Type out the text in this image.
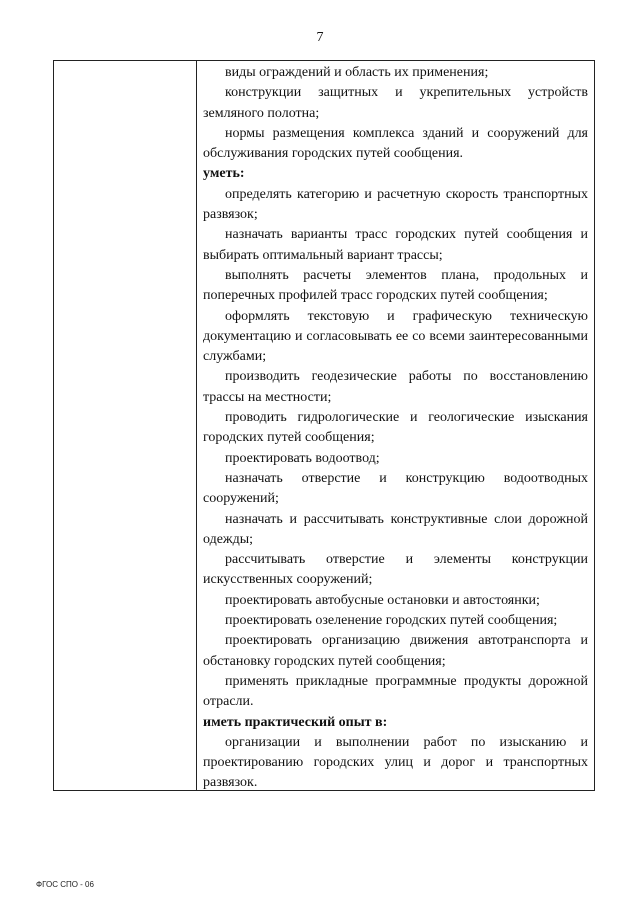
7

виды ограждений и область их применения;

конструкции защитных и укрепительных устройств земляного полотна;

нормы размещения комплекса зданий и сооружений для обслуживания городских путей сообщения.

уметь:

определять категорию и расчетную скорость транспортных развязок;

назначать варианты трасс городских путей сообщения и выбирать оптимальный вариант трассы;

выполнять расчеты элементов плана, продольных и поперечных профилей трасс городских путей сообщения;

оформлять текстовую и графическую техническую документацию и согласовывать ее со всеми заинтересованными службами;

производить геодезические работы по восстановлению трассы на местности;

проводить гидрологические и геологические изыскания городских путей сообщения;

проектировать водоотвод;

назначать отверстие и конструкцию водоотводных сооружений;

назначать и рассчитывать конструктивные слои дорожной одежды;

рассчитывать отверстие и элементы конструкции искусственных сооружений;

проектировать автобусные остановки и автостоянки;

проектировать озеленение городских путей сообщения;

проектировать организацию движения автотранспорта и обстановку городских путей сообщения;

применять прикладные программные продукты дорожной отрасли.

иметь практический опыт в:

организации и выполнении работ по изысканию и проектированию городских улиц и дорог и транспортных развязок.

ФГОС СПО - 06
